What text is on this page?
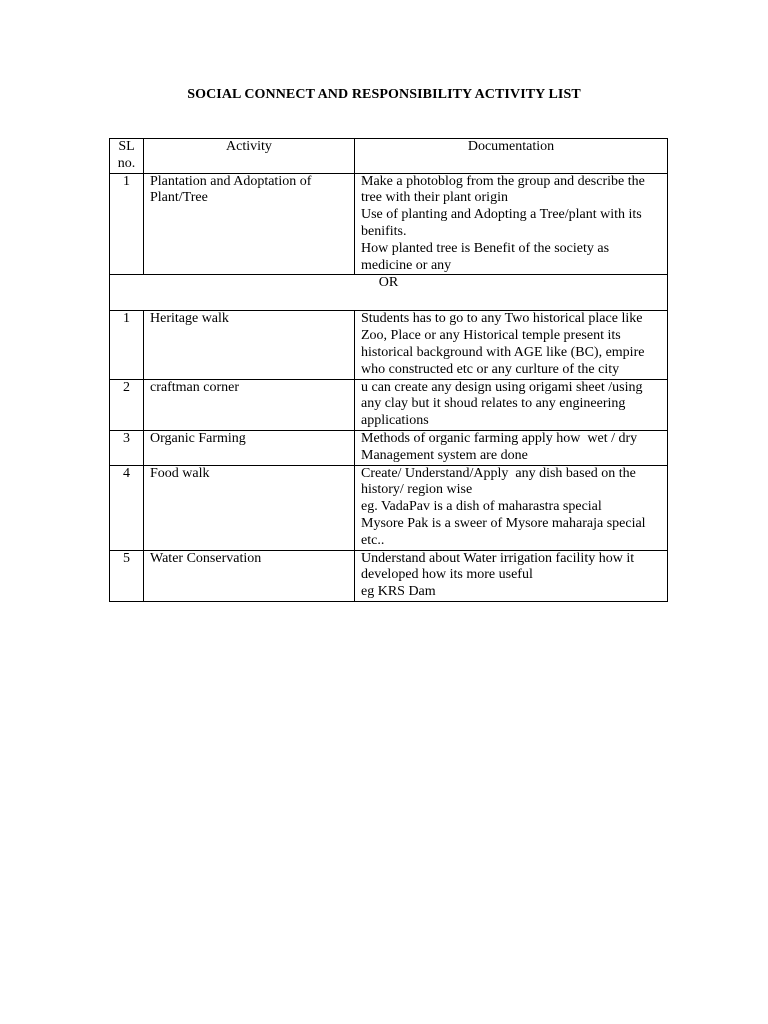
SOCIAL CONNECT AND RESPONSIBILITY ACTIVITY LIST
SL no.	Activity	Documentation
1	Plantation and Adoptation of Plant/Tree	Make a photoblog from the group and describe the tree with their plant origin
Use of planting and Adopting a Tree/plant with its benifits.
How planted tree is Benefit of the society as medicine or any

OR		
1	Heritage walk	Students has to go to any Two historical place like Zoo, Place or any Historical temple present its historical background with AGE like (BC), empire who constructed etc or any curlture of the city

2	craftman corner	u can create any design using origami sheet /using any clay but it shoud relates to any engineering applications

3	Organic Farming	Methods of organic farming apply how  wet / dry Management system are done

4	Food walk	Create/ Understand/Apply  any dish based on the history/ region wise
eg. VadaPav is a dish of maharastra special
Mysore Pak is a sweer of Mysore maharaja special etc..

5	Water Conservation	Understand about Water irrigation facility how it developed how its more useful
eg KRS Dam
